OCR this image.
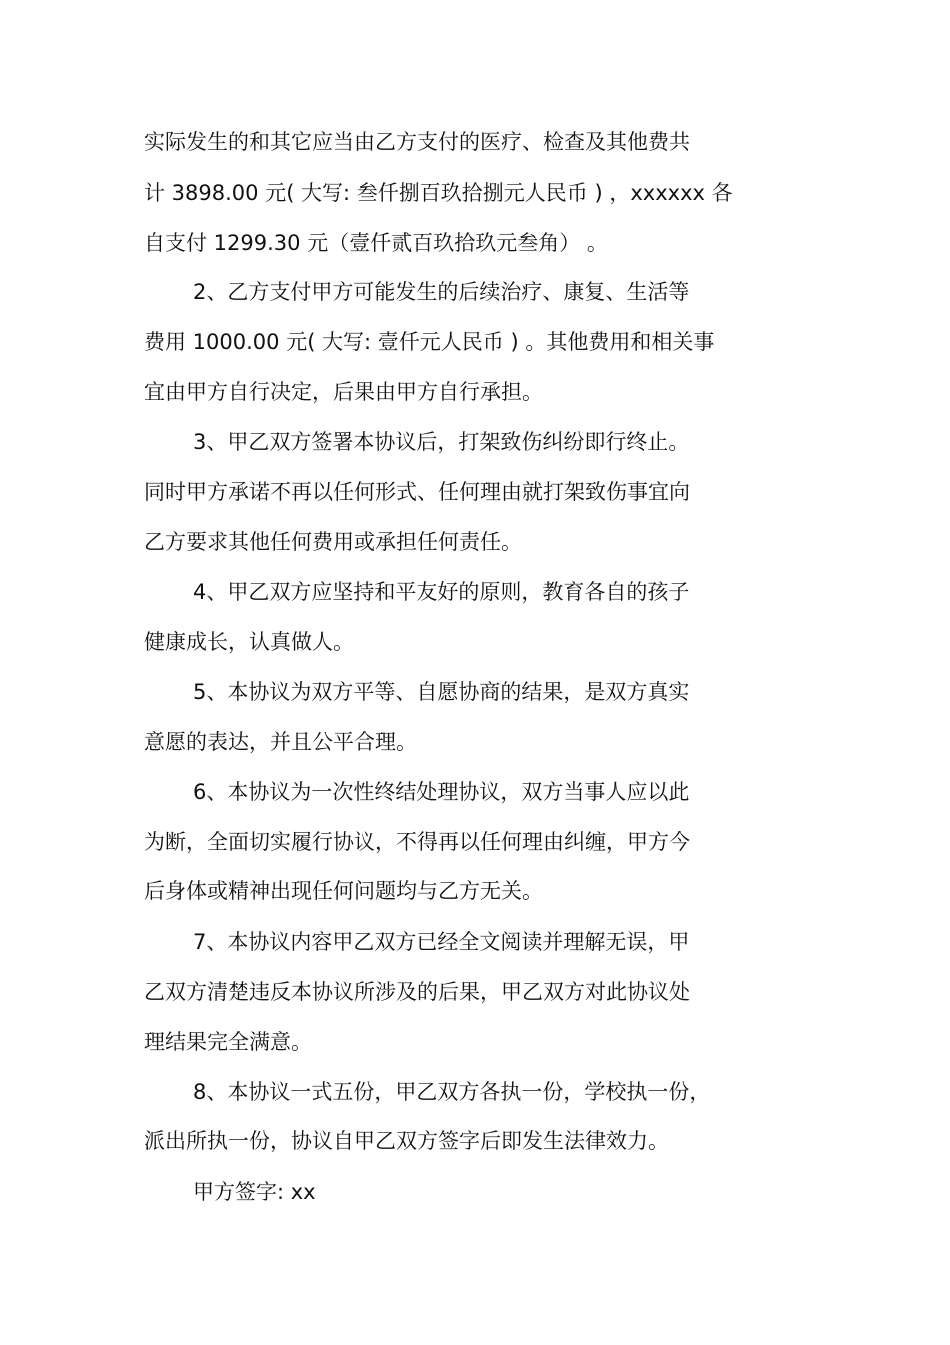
实际发生的和其它应当由乙方支付的医疗、检查及其他费共
计 3898.00 元( 大写: 叁仟捌百玖拾捌元人民币 ) ，xxxxxx 各
自支付 1299.30 元（壹仟贰百玖拾玖元叁角） 。
2、乙方支付甲方可能发生的后续治疗、康复、生活等
费用 1000.00 元( 大写: 壹仟元人民币 ) 。其他费用和相关事
宜由甲方自行决定，后果由甲方自行承担。
3、甲乙双方签署本协议后，打架致伤纠纷即行终止。
同时甲方承诺不再以任何形式、任何理由就打架致伤事宜向
乙方要求其他任何费用或承担任何责任。
4、甲乙双方应坚持和平友好的原则，教育各自的孩子
健康成长，认真做人。
5、本协议为双方平等、自愿协商的结果，是双方真实
意愿的表达，并且公平合理。
6、本协议为一次性终结处理协议，双方当事人应以此
为断，全面切实履行协议，不得再以任何理由纠缠，甲方今
后身体或精神出现任何问题均与乙方无关。
7、本协议内容甲乙双方已经全文阅读并理解无误，甲
乙双方清楚违反本协议所涉及的后果，甲乙双方对此协议处
理结果完全满意。
8、本协议一式五份，甲乙双方各执一份，学校执一份，
派出所执一份，协议自甲乙双方签字后即发生法律效力。
甲方签字: xx
